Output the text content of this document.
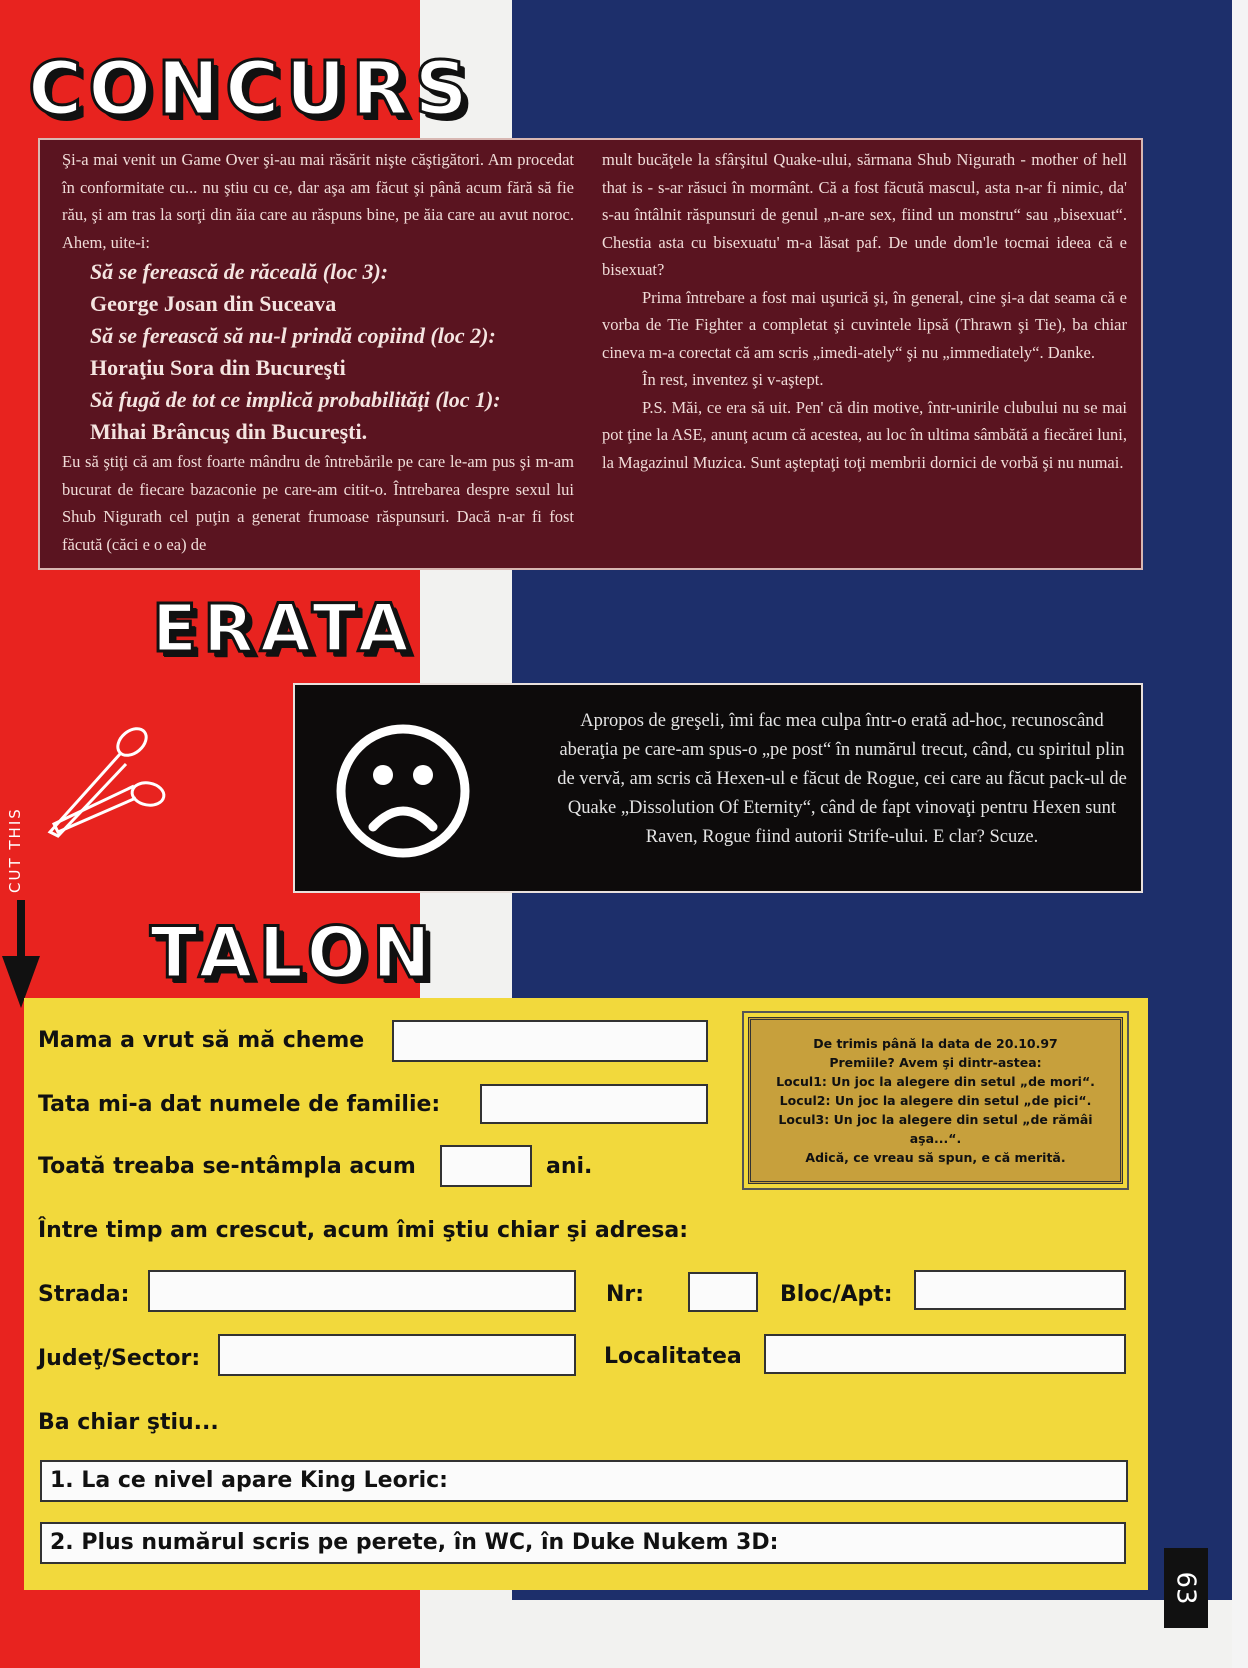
CONCURS

Şi-a mai venit un Game Over şi-au mai răsărit nişte căştigători. Am procedat în conformitate cu... nu ştiu cu ce, dar aşa am făcut şi până acum fără să fie rău, şi am tras la sorţi din ăia care au răspuns bine, pe ăia care au avut noroc. Ahem, uite-i:

Să se ferească de răceală (loc 3):

George Josan din Suceava

Să se ferească să nu-l prindă copiind (loc 2):

Horaţiu Sora din Bucureşti

Să fugă de tot ce implică probabilităţi (loc 1):

Mihai Brâncuş din Bucureşti.

Eu să ştiţi că am fost foarte mândru de întrebările pe care le-am pus şi m-am bucurat de fiecare bazaconie pe care-am citit-o. Întrebarea despre sexul lui Shub Nigurath cel puţin a generat frumoase răspunsuri. Dacă n-ar fi fost făcută (căci e o ea) de

mult bucăţele la sfârşitul Quake-ului, sărmana Shub Nigurath - mother of hell that is - s-ar răsuci în mormânt. Că a fost făcută mascul, asta n-ar fi nimic, da' s-au întâlnit răspunsuri de genul „n-are sex, fiind un monstru“ sau „bisexuat“. Chestia asta cu bisexuatu' m-a lăsat paf. De unde dom'le tocmai ideea că e bisexuat?

Prima întrebare a fost mai uşurică şi, în general, cine şi-a dat seama că e vorba de Tie Fighter a completat şi cuvintele lipsă (Thrawn şi Tie), ba chiar cineva m-a corectat că am scris „imedi-ately“ şi nu „immediately“. Danke.

În rest, inventez şi v-aştept.

P.S. Măi, ce era să uit. Pen' că din motive, într-unirile clubului nu se mai pot ţine la ASE, anunţ acum că acestea, au loc în ultima sâmbătă a fiecărei luni, la Magazinul Muzica. Sunt aşteptaţi toţi membrii dornici de vorbă şi nu numai.

ERATA
Apropos de greşeli, îmi fac mea culpa într-o erată ad-hoc, recunoscând aberaţia pe care-am spus-o „pe post“ în numărul trecut, când, cu spiritul plin de vervă, am scris că Hexen-ul e făcut de Rogue, cei care au făcut pack-ul de Quake „Dissolution Of Eternity“, când de fapt vinovaţi pentru Hexen sunt Raven, Rogue fiind autorii Strife-ului. E clar? Scuze.
CUT THIS
TALON
Mama a vrut să mă cheme
Tata mi-a dat numele de familie:
Toată treaba se-ntâmpla acum	ani.
Între timp am crescut, acum îmi ştiu chiar şi adresa:
Strada:	Nr:	Bloc/Apt:
Judeţ/Sector:	Localitatea
Ba chiar ştiu...
1. La ce nivel apare King Leoric:
2. Plus numărul scris pe perete, în WC, în Duke Nukem 3D:
De trimis până la data de 20.10.97
Premiile? Avem şi dintr-astea:
Locul1: Un joc la alegere din setul „de mori“.
Locul2: Un joc la alegere din setul „de pici“.
Locul3: Un joc la alegere din setul „de rămâi aşa...“.
Adică, ce vreau să spun, e că merită.
63
